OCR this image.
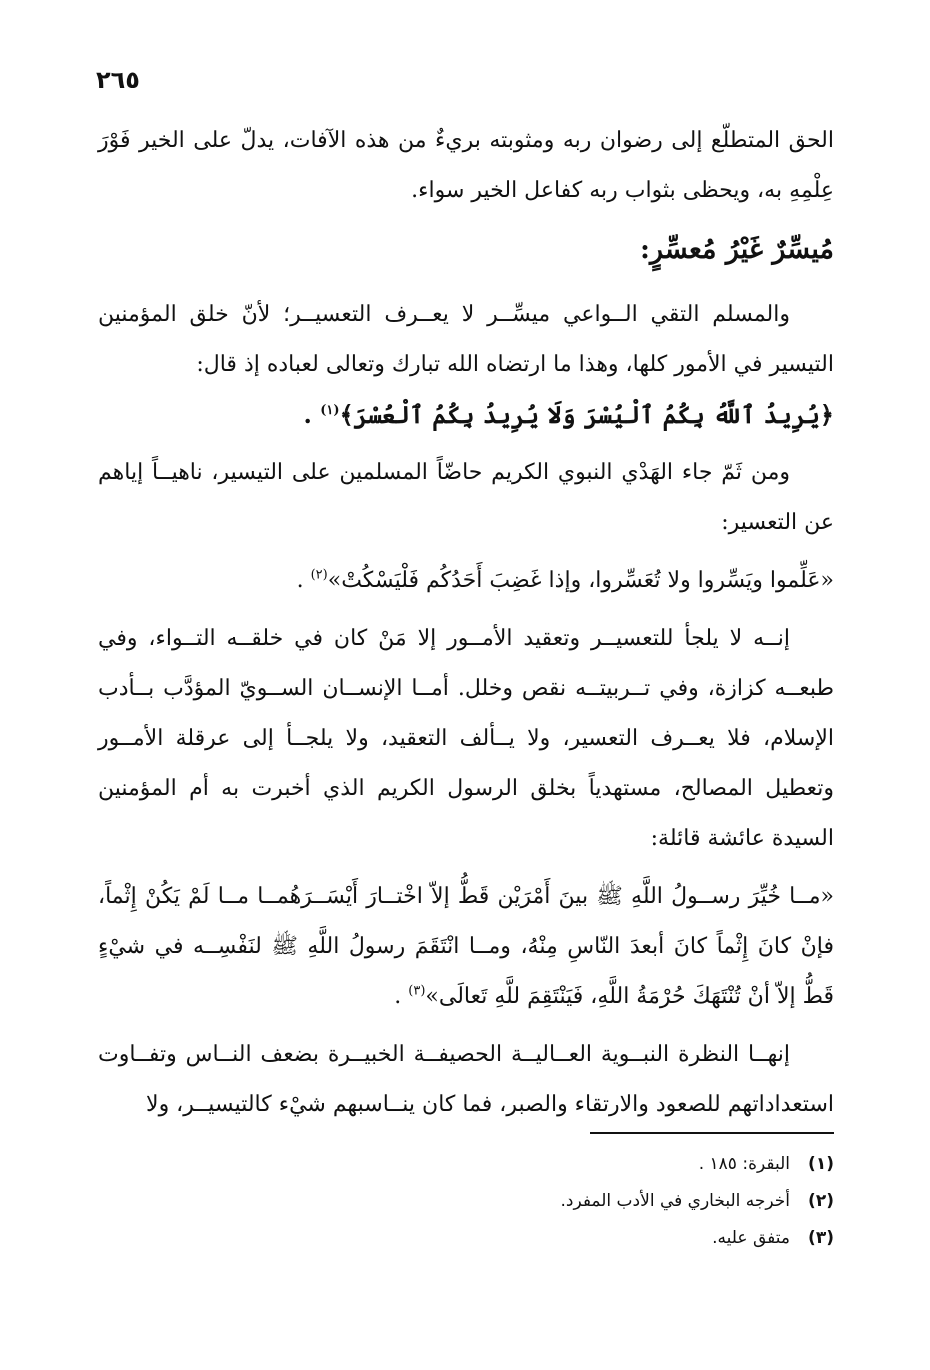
٢٦٥

الحق المتطلّع إلى رضوان ربه ومثوبته بريءٌ من هذه الآفات، يدلّ على الخير فَوْرَ عِلْمِهِ به، ويحظى بثواب ربه كفاعل الخير سواء.

مُيسِّرٌ غَيْرُ مُعسِّرٍ:

والمسلم التقي الــواعي ميسِّــر لا يعــرف التعسيــر؛ لأنّ خلق المؤمنين التيسير في الأمور كلها، وهذا ما ارتضاه الله تبارك وتعالى لعباده إذ قال:

﴿يُرِيدُ ٱللَّهُ بِكُمُ ٱلْيُسْرَ وَلَا يُرِيدُ بِكُمُ ٱلْعُسْرَ﴾$^{(١)}$ .

ومن ثَمّ جاء الهَدْي النبوي الكريم حاضّاً المسلمين على التيسير، ناهيــاً إياهم عن التعسير:

«عَلِّموا ويَسِّروا ولا تُعَسِّروا، وإذا غَضِبَ أَحَدُكُم فَلْيَسْكُتْ»$^{(٢)}$ .

إنــه لا يلجأ للتعسيــر وتعقيد الأمــور إلا مَنْ كان في خلقــه التــواء، وفي طبعــه كزازة، وفي تــربيتــه نقص وخلل. أمــا الإنســان الســويّ المؤدَّب بــأدب الإسلام، فلا يعــرف التعسير، ولا يــألف التعقيد، ولا يلجــأ إلى عرقلة الأمــور وتعطيل المصالح، مستهدياً بخلق الرسول الكريم الذي أخبرت به أم المؤمنين السيدة عائشة قائلة:

«مــا خُيِّرَ رســولُ اللَّهِ ﷺ بينَ أَمْرَيْن قَطُّ إلاّ اخْتــارَ أَيْسَــرَهُمــا مــا لَمْ يَكُنْ إِثْماً، فإنْ كانَ إِثْماً كانَ أبعدَ النّاسِ مِنْهُ، ومــا انْتَقَمَ رسولُ اللَّهِ ﷺ لنَفْسِــه في شيْءٍ قَطُّ إلاّ أنْ تُنْتَهَكَ حُرْمَةُ اللَّهِ، فَيَنْتَقِمَ للَّهِ تَعالَى»$^{(٣)}$ .

إنهــا النظرة النبــوية العــاليــة الحصيفــة الخبيــرة بضعف النــاس وتفــاوت استعداداتهم للصعود والارتقاء والصبر، فما كان ينــاسبهم شيْء كالتيسيــر، ولا

(١)
البقرة: ١٨٥ .
(٢)
أخرجه البخاري في الأدب المفرد.
(٣)
متفق عليه.
